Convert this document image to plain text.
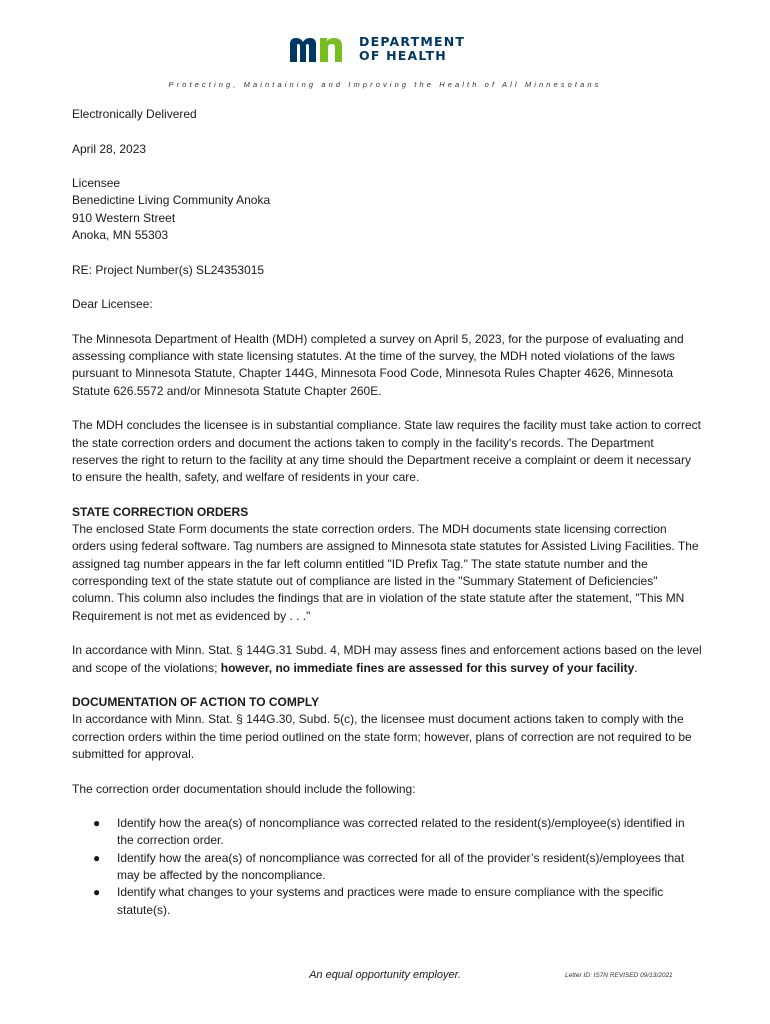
DEPARTMENT
OF HEALTH
Protecting, Maintaining and Improving the Health of All Minnesotans

Electronically Delivered

April 28, 2023

Licensee
Benedictine Living Community Anoka
910 Western Street
Anoka, MN 55303

RE: Project Number(s) SL24353015

Dear Licensee:

The Minnesota Department of Health (MDH) completed a survey on April 5, 2023, for the purpose of evaluating and assessing compliance with state licensing statutes. At the time of the survey, the MDH noted violations of the laws pursuant to Minnesota Statute, Chapter 144G, Minnesota Food Code, Minnesota Rules Chapter 4626, Minnesota Statute 626.5572 and/or Minnesota Statute Chapter 260E.

The MDH concludes the licensee is in substantial compliance. State law requires the facility must take action to correct the state correction orders and document the actions taken to comply in the facility's records. The Department reserves the right to return to the facility at any time should the Department receive a complaint or deem it necessary to ensure the health, safety, and welfare of residents in your care.

STATE CORRECTION ORDERS
The enclosed State Form documents the state correction orders. The MDH documents state licensing correction orders using federal software. Tag numbers are assigned to Minnesota state statutes for Assisted Living Facilities. The assigned tag number appears in the far left column entitled "ID Prefix Tag." The state statute number and the corresponding text of the state statute out of compliance are listed in the "Summary Statement of Deficiencies" column. This column also includes the findings that are in violation of the state statute after the statement, "This MN Requirement is not met as evidenced by . . ."

In accordance with Minn. Stat. § 144G.31 Subd. 4, MDH may assess fines and enforcement actions based on the level and scope of the violations; however, no immediate fines are assessed for this survey of your facility.

DOCUMENTATION OF ACTION TO COMPLY
In accordance with Minn. Stat. § 144G.30, Subd. 5(c), the licensee must document actions taken to comply with the correction orders within the time period outlined on the state form; however, plans of correction are not required to be submitted for approval.

The correction order documentation should include the following:

● Identify how the area(s) of noncompliance was corrected related to the resident(s)/employee(s) identified in the correction order.
● Identify how the area(s) of noncompliance was corrected for all of the provider’s resident(s)/employees that may be affected by the noncompliance.
● Identify what changes to your systems and practices were made to ensure compliance with the specific statute(s).
An equal opportunity employer.	Letter ID: IS7N REVISED 09/13/2021
